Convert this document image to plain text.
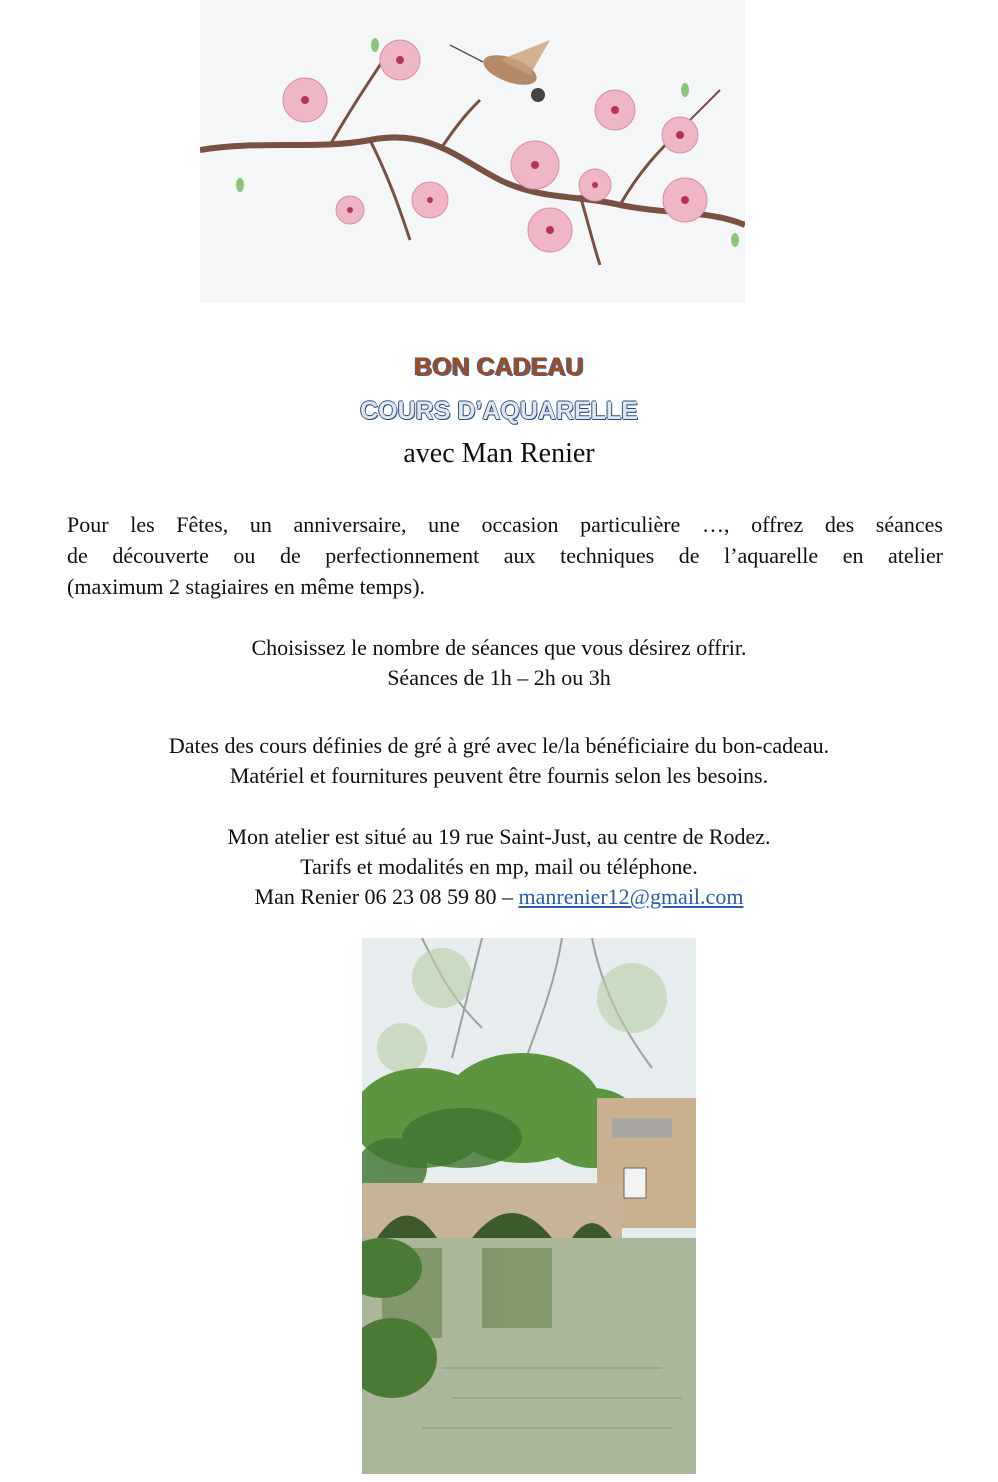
BON CADEAU
COURS D’AQUARELLE
avec Man Renier
Pour les Fêtes, un anniversaire, une occasion particulière …, offrez des séances
de découverte ou de perfectionnement aux techniques de l’aquarelle en atelier
(maximum 2 stagiaires en même temps).
Choisissez le nombre de séances que vous désirez offrir.
Séances de 1h – 2h ou 3h
Dates des cours définies de gré à gré avec le/la bénéficiaire du bon-cadeau.
Matériel et fournitures peuvent être fournis selon les besoins.
Mon atelier est situé au 19 rue Saint-Just, au centre de Rodez.
Tarifs et modalités en mp, mail ou téléphone.
Man Renier 06 23 08 59 80 – manrenier12@gmail.com
